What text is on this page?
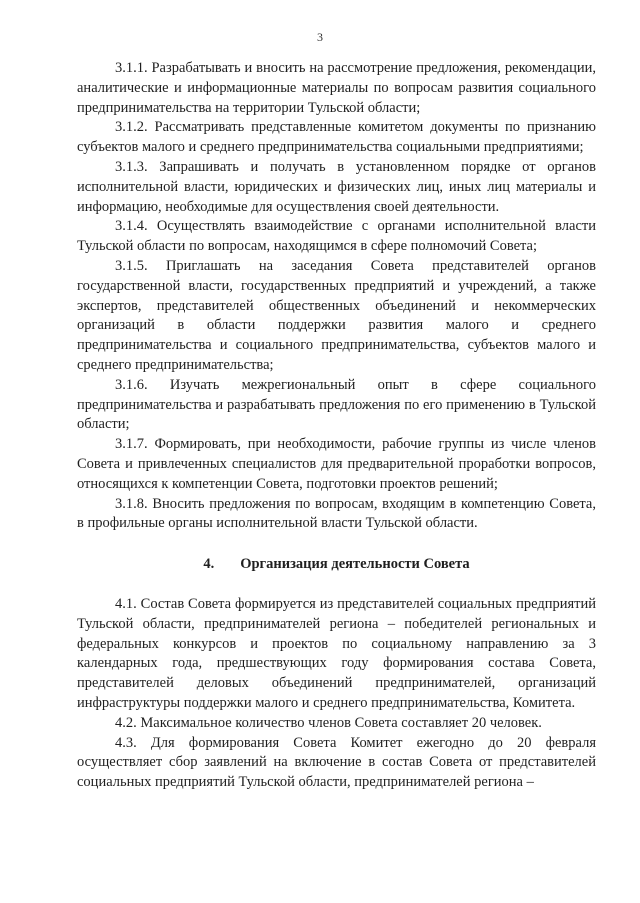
3

3.1.1. Разрабатывать и вносить на рассмотрение предложения, рекомендации, аналитические и информационные материалы по вопросам развития социального предпринимательства на территории Тульской области;

3.1.2. Рассматривать представленные комитетом документы по признанию субъектов малого и среднего предпринимательства социальными предприятиями;

3.1.3. Запрашивать и получать в установленном порядке от органов исполнительной власти, юридических и физических лиц, иных лиц материалы и информацию, необходимые для осуществления своей деятельности.

3.1.4. Осуществлять взаимодействие с органами исполнительной власти Тульской области по вопросам, находящимся в сфере полномочий Совета;

3.1.5. Приглашать на заседания Совета представителей органов государственной власти, государственных предприятий и учреждений, а также экспертов, представителей общественных объединений и некоммерческих организаций в области поддержки развития малого и среднего предпринимательства и социального предпринимательства, субъектов малого и среднего предпринимательства;

3.1.6. Изучать межрегиональный опыт в сфере социального предпринимательства и разрабатывать предложения по его применению в Тульской области;

3.1.7. Формировать, при необходимости, рабочие группы из числе членов Совета и привлеченных специалистов для предварительной проработки вопросов, относящихся к компетенции Совета, подготовки проектов решений;

3.1.8. Вносить предложения по вопросам, входящим в компетенцию Совета, в профильные органы исполнительной власти Тульской области.

4. Организация деятельности Совета

4.1. Состав Совета формируется из представителей социальных предприятий Тульской области, предпринимателей региона – победителей региональных и федеральных конкурсов и проектов по социальному направлению за 3 календарных года, предшествующих году формирования состава Совета, представителей деловых объединений предпринимателей, организаций инфраструктуры поддержки малого и среднего предпринимательства, Комитета.

4.2. Максимальное количество членов Совета составляет 20 человек.

4.3. Для формирования Совета Комитет ежегодно до 20 февраля осуществляет сбор заявлений на включение в состав Совета от представителей социальных предприятий Тульской области, предпринимателей региона –
